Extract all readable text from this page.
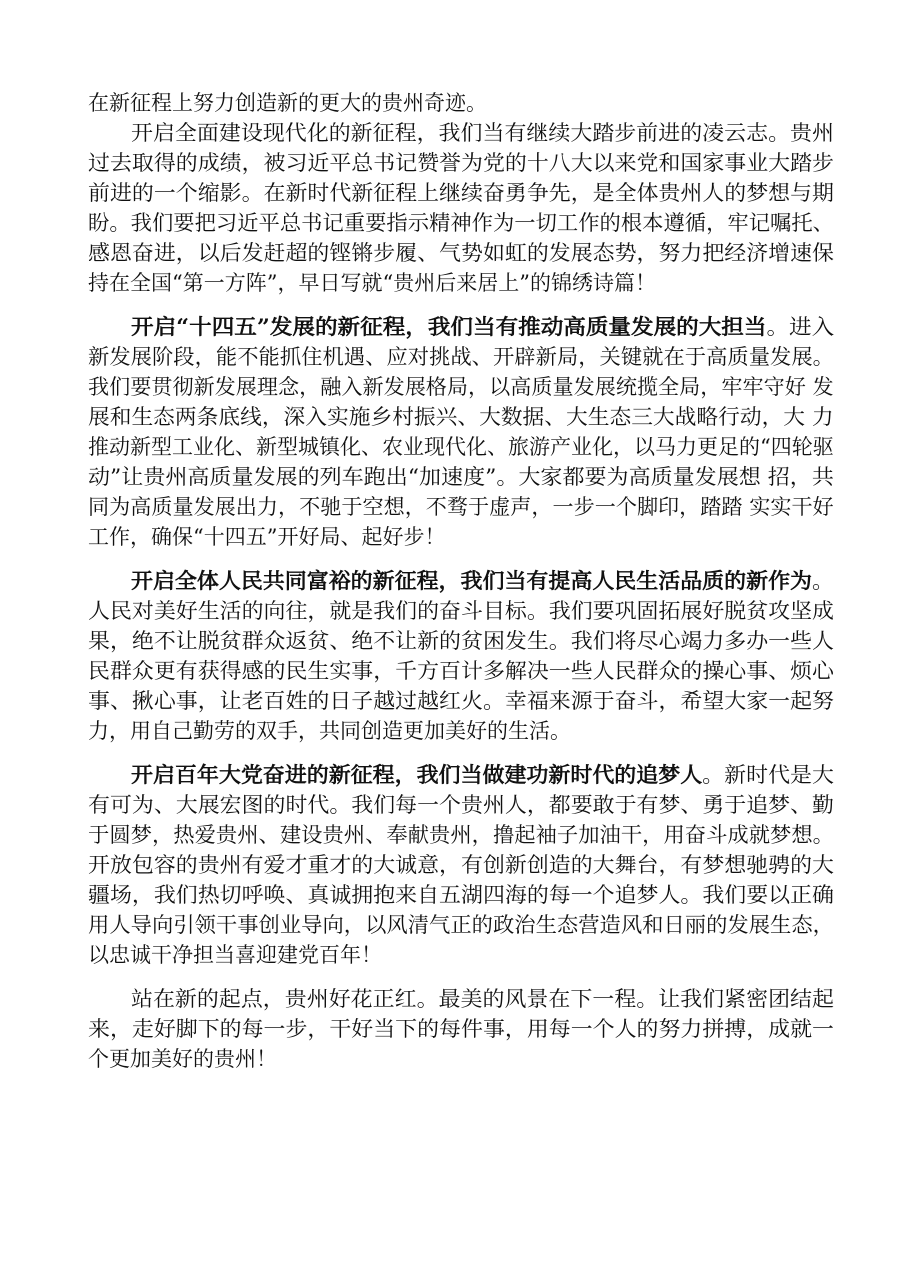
在新征程上努力创造新的更大的贵州奇迹。
开启全面建设现代化的新征程，我们当有继续大踏步前进的凌云志。贵州
过去取得的成绩，被习近平总书记赞誉为党的十八大以来党和国家事业大踏步
前进的一个缩影。在新时代新征程上继续奋勇争先，是全体贵州人的梦想与期
盼。我们要把习近平总书记重要指示精神作为一切工作的根本遵循，牢记嘱托、
感恩奋进，以后发赶超的铿锵步履、气势如虹的发展态势，努力把经济增速保
持在全国“第一方阵”，早日写就“贵州后来居上”的锦绣诗篇！
开启“十四五”发展的新征程，我们当有推动高质量发展的大担当。进入
新发展阶段，能不能抓住机遇、应对挑战、开辟新局，关键就在于高质量发展。
我们要贯彻新发展理念，融入新发展格局，以高质量发展统揽全局，牢牢守好 发
展和生态两条底线，深入实施乡村振兴、大数据、大生态三大战略行动，大 力
推动新型工业化、新型城镇化、农业现代化、旅游产业化，以马力更足的“四轮驱
动”让贵州高质量发展的列车跑出“加速度”。大家都要为高质量发展想 招，共
同为高质量发展出力，不驰于空想，不骛于虚声，一步一个脚印，踏踏 实实干好
工作，确保“十四五”开好局、起好步！
开启全体人民共同富裕的新征程，我们当有提高人民生活品质的新作为。
人民对美好生活的向往，就是我们的奋斗目标。我们要巩固拓展好脱贫攻坚成
果，绝不让脱贫群众返贫、绝不让新的贫困发生。我们将尽心竭力多办一些人
民群众更有获得感的民生实事，千方百计多解决一些人民群众的操心事、烦心
事、揪心事，让老百姓的日子越过越红火。幸福来源于奋斗，希望大家一起努
力，用自己勤劳的双手，共同创造更加美好的生活。
开启百年大党奋进的新征程，我们当做建功新时代的追梦人。新时代是大
有可为、大展宏图的时代。我们每一个贵州人，都要敢于有梦、勇于追梦、勤
于圆梦，热爱贵州、建设贵州、奉献贵州，撸起袖子加油干，用奋斗成就梦想。
开放包容的贵州有爱才重才的大诚意，有创新创造的大舞台，有梦想驰骋的大
疆场，我们热切呼唤、真诚拥抱来自五湖四海的每一个追梦人。我们要以正确
用人导向引领干事创业导向，以风清气正的政治生态营造风和日丽的发展生态，
以忠诚干净担当喜迎建党百年！
站在新的起点，贵州好花正红。最美的风景在下一程。让我们紧密团结起
来，走好脚下的每一步，干好当下的每件事，用每一个人的努力拼搏，成就一
个更加美好的贵州！
